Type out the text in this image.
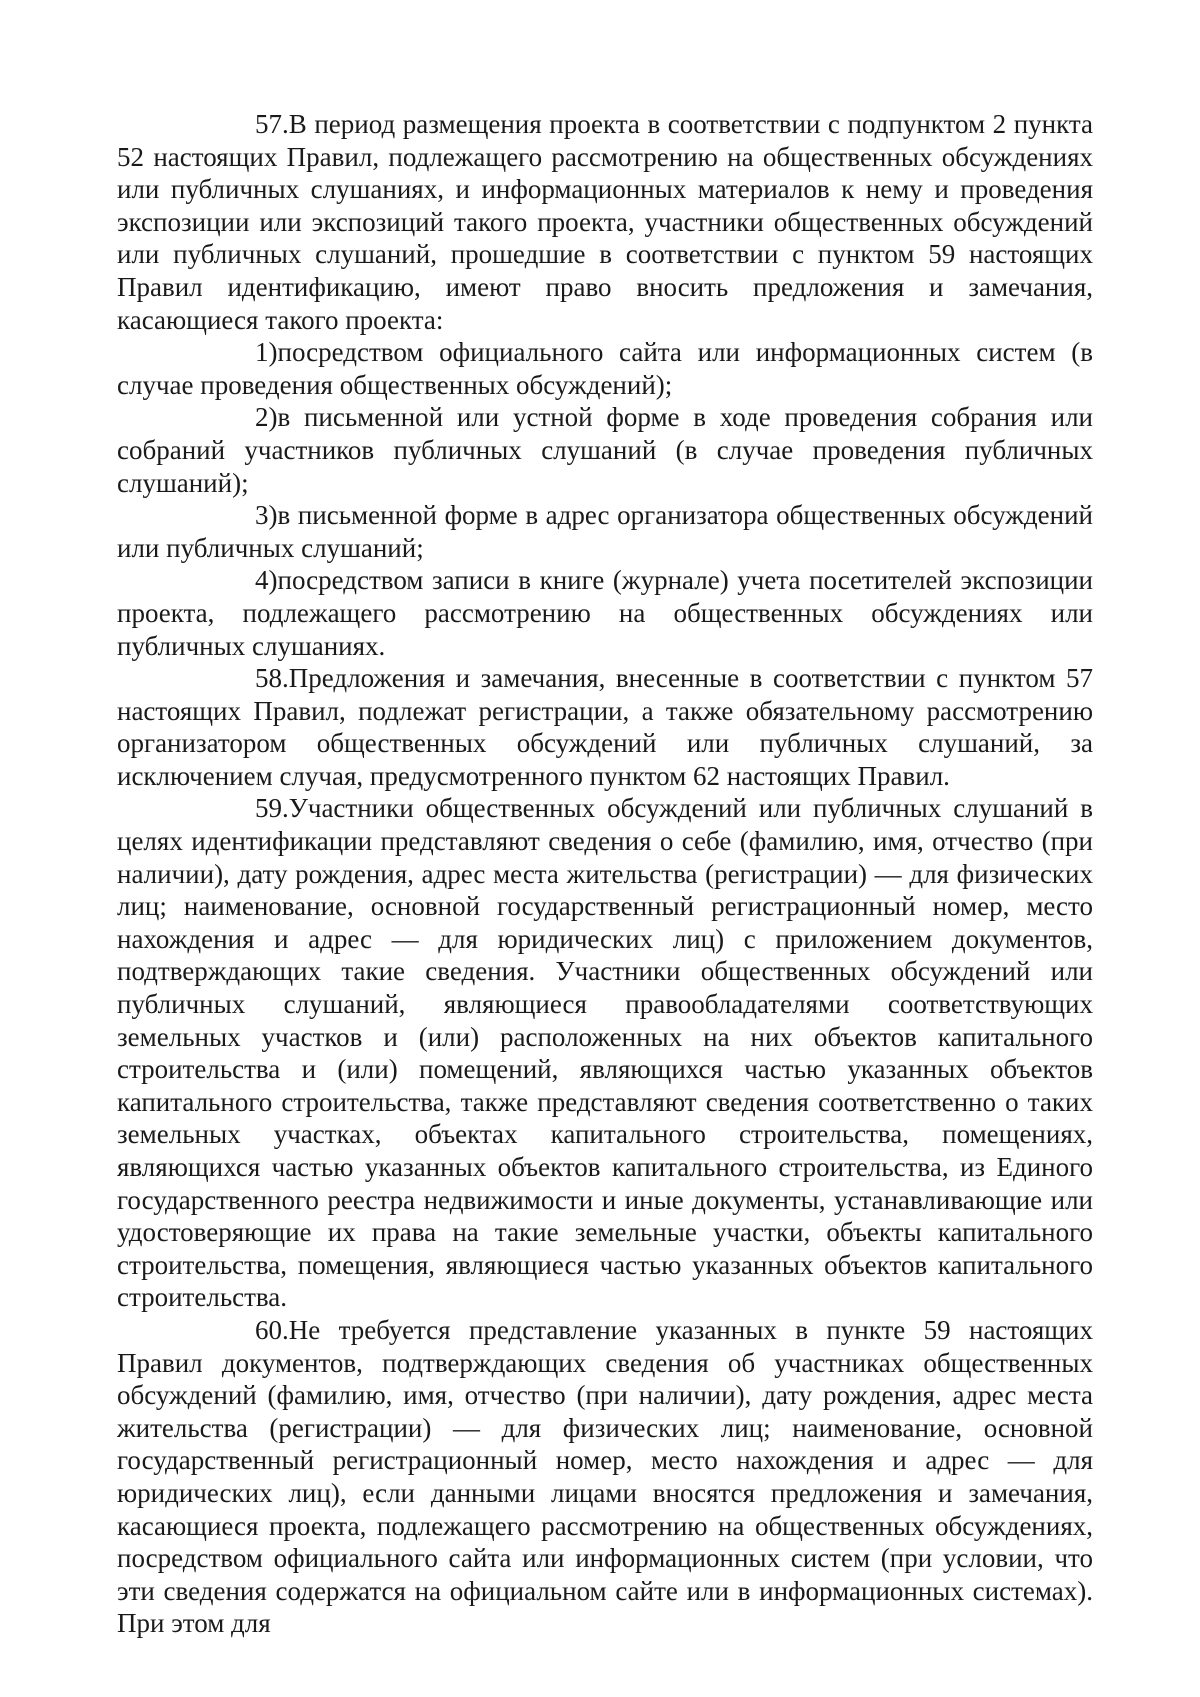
57.В период размещения проекта в соответствии с подпунктом 2 пункта 52 настоящих Правил, подлежащего рассмотрению на общественных обсуждениях или публичных слушаниях, и информационных материалов к нему и проведения экспозиции или экспозиций такого проекта, участники общественных обсуждений или публичных слушаний, прошедшие в соответствии с пунктом 59 настоящих Правил идентификацию, имеют право вносить предложения и замечания, касающиеся такого проекта:

1)посредством официального сайта или информационных систем (в случае проведения общественных обсуждений);

2)в письменной или устной форме в ходе проведения собрания или собраний участников публичных слушаний (в случае проведения публичных слушаний);

3)в письменной форме в адрес организатора общественных обсуждений или публичных слушаний;

4)посредством записи в книге (журнале) учета посетителей экспозиции проекта, подлежащего рассмотрению на общественных обсуждениях или публичных слушаниях.

58.Предложения и замечания, внесенные в соответствии с пунктом 57 настоящих Правил, подлежат регистрации, а также обязательному рассмотрению организатором общественных обсуждений или публичных слушаний, за исключением случая, предусмотренного пунктом 62 настоящих Правил.

59.Участники общественных обсуждений или публичных слушаний в целях идентификации представляют сведения о себе (фамилию, имя, отчество (при наличии), дату рождения, адрес места жительства (регистрации) — для физических лиц; наименование, основной государственный регистрационный номер, место нахождения и адрес — для юридических лиц) с приложением документов, подтверждающих такие сведения. Участники общественных обсуждений или публичных слушаний, являющиеся правообладателями соответствующих земельных участков и (или) расположенных на них объектов капитального строительства и (или) помещений, являющихся частью указанных объектов капитального строительства, также представляют сведения соответственно о таких земельных участках, объектах капитального строительства, помещениях, являющихся частью указанных объектов капитального строительства, из Единого государственного реестра недвижимости и иные документы, устанавливающие или удостоверяющие их права на такие земельные участки, объекты капитального строительства, помещения, являющиеся частью указанных объектов капитального строительства.

60.Не требуется представление указанных в пункте 59 настоящих Правил документов, подтверждающих сведения об участниках общественных обсуждений (фамилию, имя, отчество (при наличии), дату рождения, адрес места жительства (регистрации) — для физических лиц; наименование, основной государственный регистрационный номер, место нахождения и адрес — для юридических лиц), если данными лицами вносятся предложения и замечания, касающиеся проекта, подлежащего рассмотрению на общественных обсуждениях, посредством официального сайта или информационных систем (при условии, что эти сведения содержатся на официальном сайте или в информационных системах). При этом для
